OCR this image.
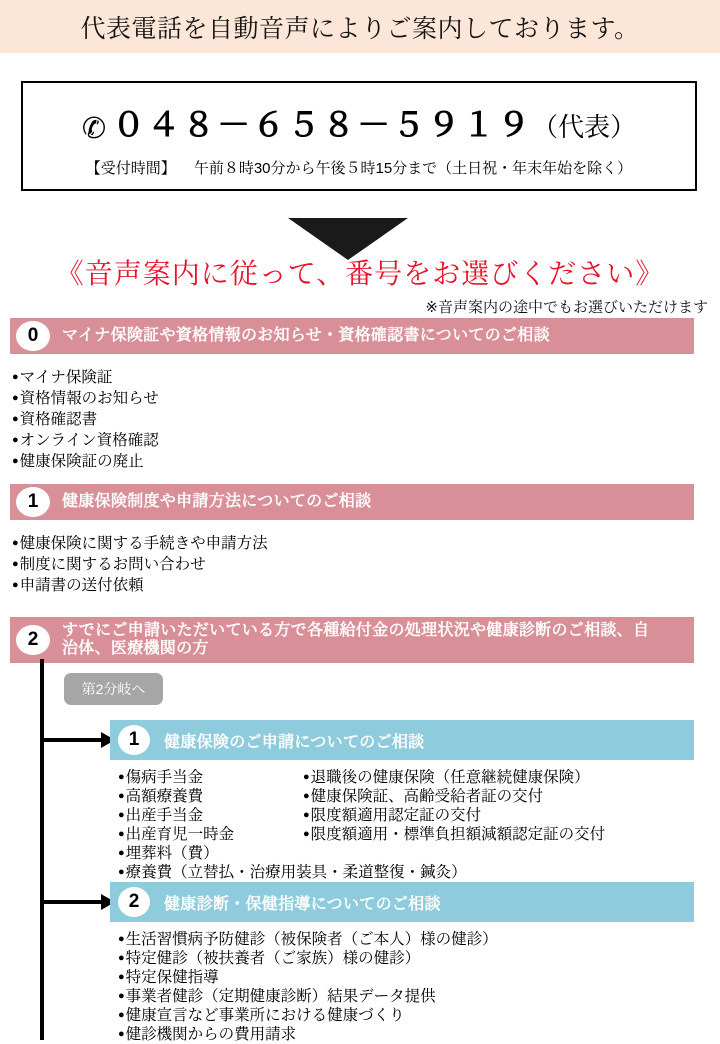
代表電話を自動音声によりご案内しております。
✆ ０４８－６５８－５９１９（代表）
【受付時間】 午前８時30分から午後５時15分まで（土日祝・年末年始を除く）
《音声案内に従って、番号をお選びください》
※音声案内の途中でもお選びいただけます
0	マイナ保険証や資格情報のお知らせ・資格確認書についてのご相談
● マイナ保険証
● 資格情報のお知らせ
● 資格確認書
● オンライン資格確認
● 健康保険証の廃止
1	健康保険制度や申請方法についてのご相談
● 健康保険に関する手続きや申請方法
● 制度に関するお問い合わせ
● 申請書の送付依頼
2	すでにご申請いただいている方で各種給付金の処理状況や健康診断のご相談、自治体、医療機関の方
第2分岐へ
1	健康保険のご申請についてのご相談
● 傷病手当金	● 退職後の健康保険（任意継続健康保険）
● 高額療養費	● 健康保険証、高齢受給者証の交付
● 出産手当金	● 限度額適用認定証の交付
● 出産育児一時金	● 限度額適用・標準負担額減額認定証の交付
● 埋葬料（費）
● 療養費（立替払・治療用装具・柔道整復・鍼灸）
2	健康診断・保健指導についてのご相談
● 生活習慣病予防健診（被保険者（ご本人）様の健診）
● 特定健診（被扶養者（ご家族）様の健診）
● 特定保健指導
● 事業者健診（定期健康診断）結果データ提供
● 健康宣言など事業所における健康づくり
● 健診機関からの費用請求
